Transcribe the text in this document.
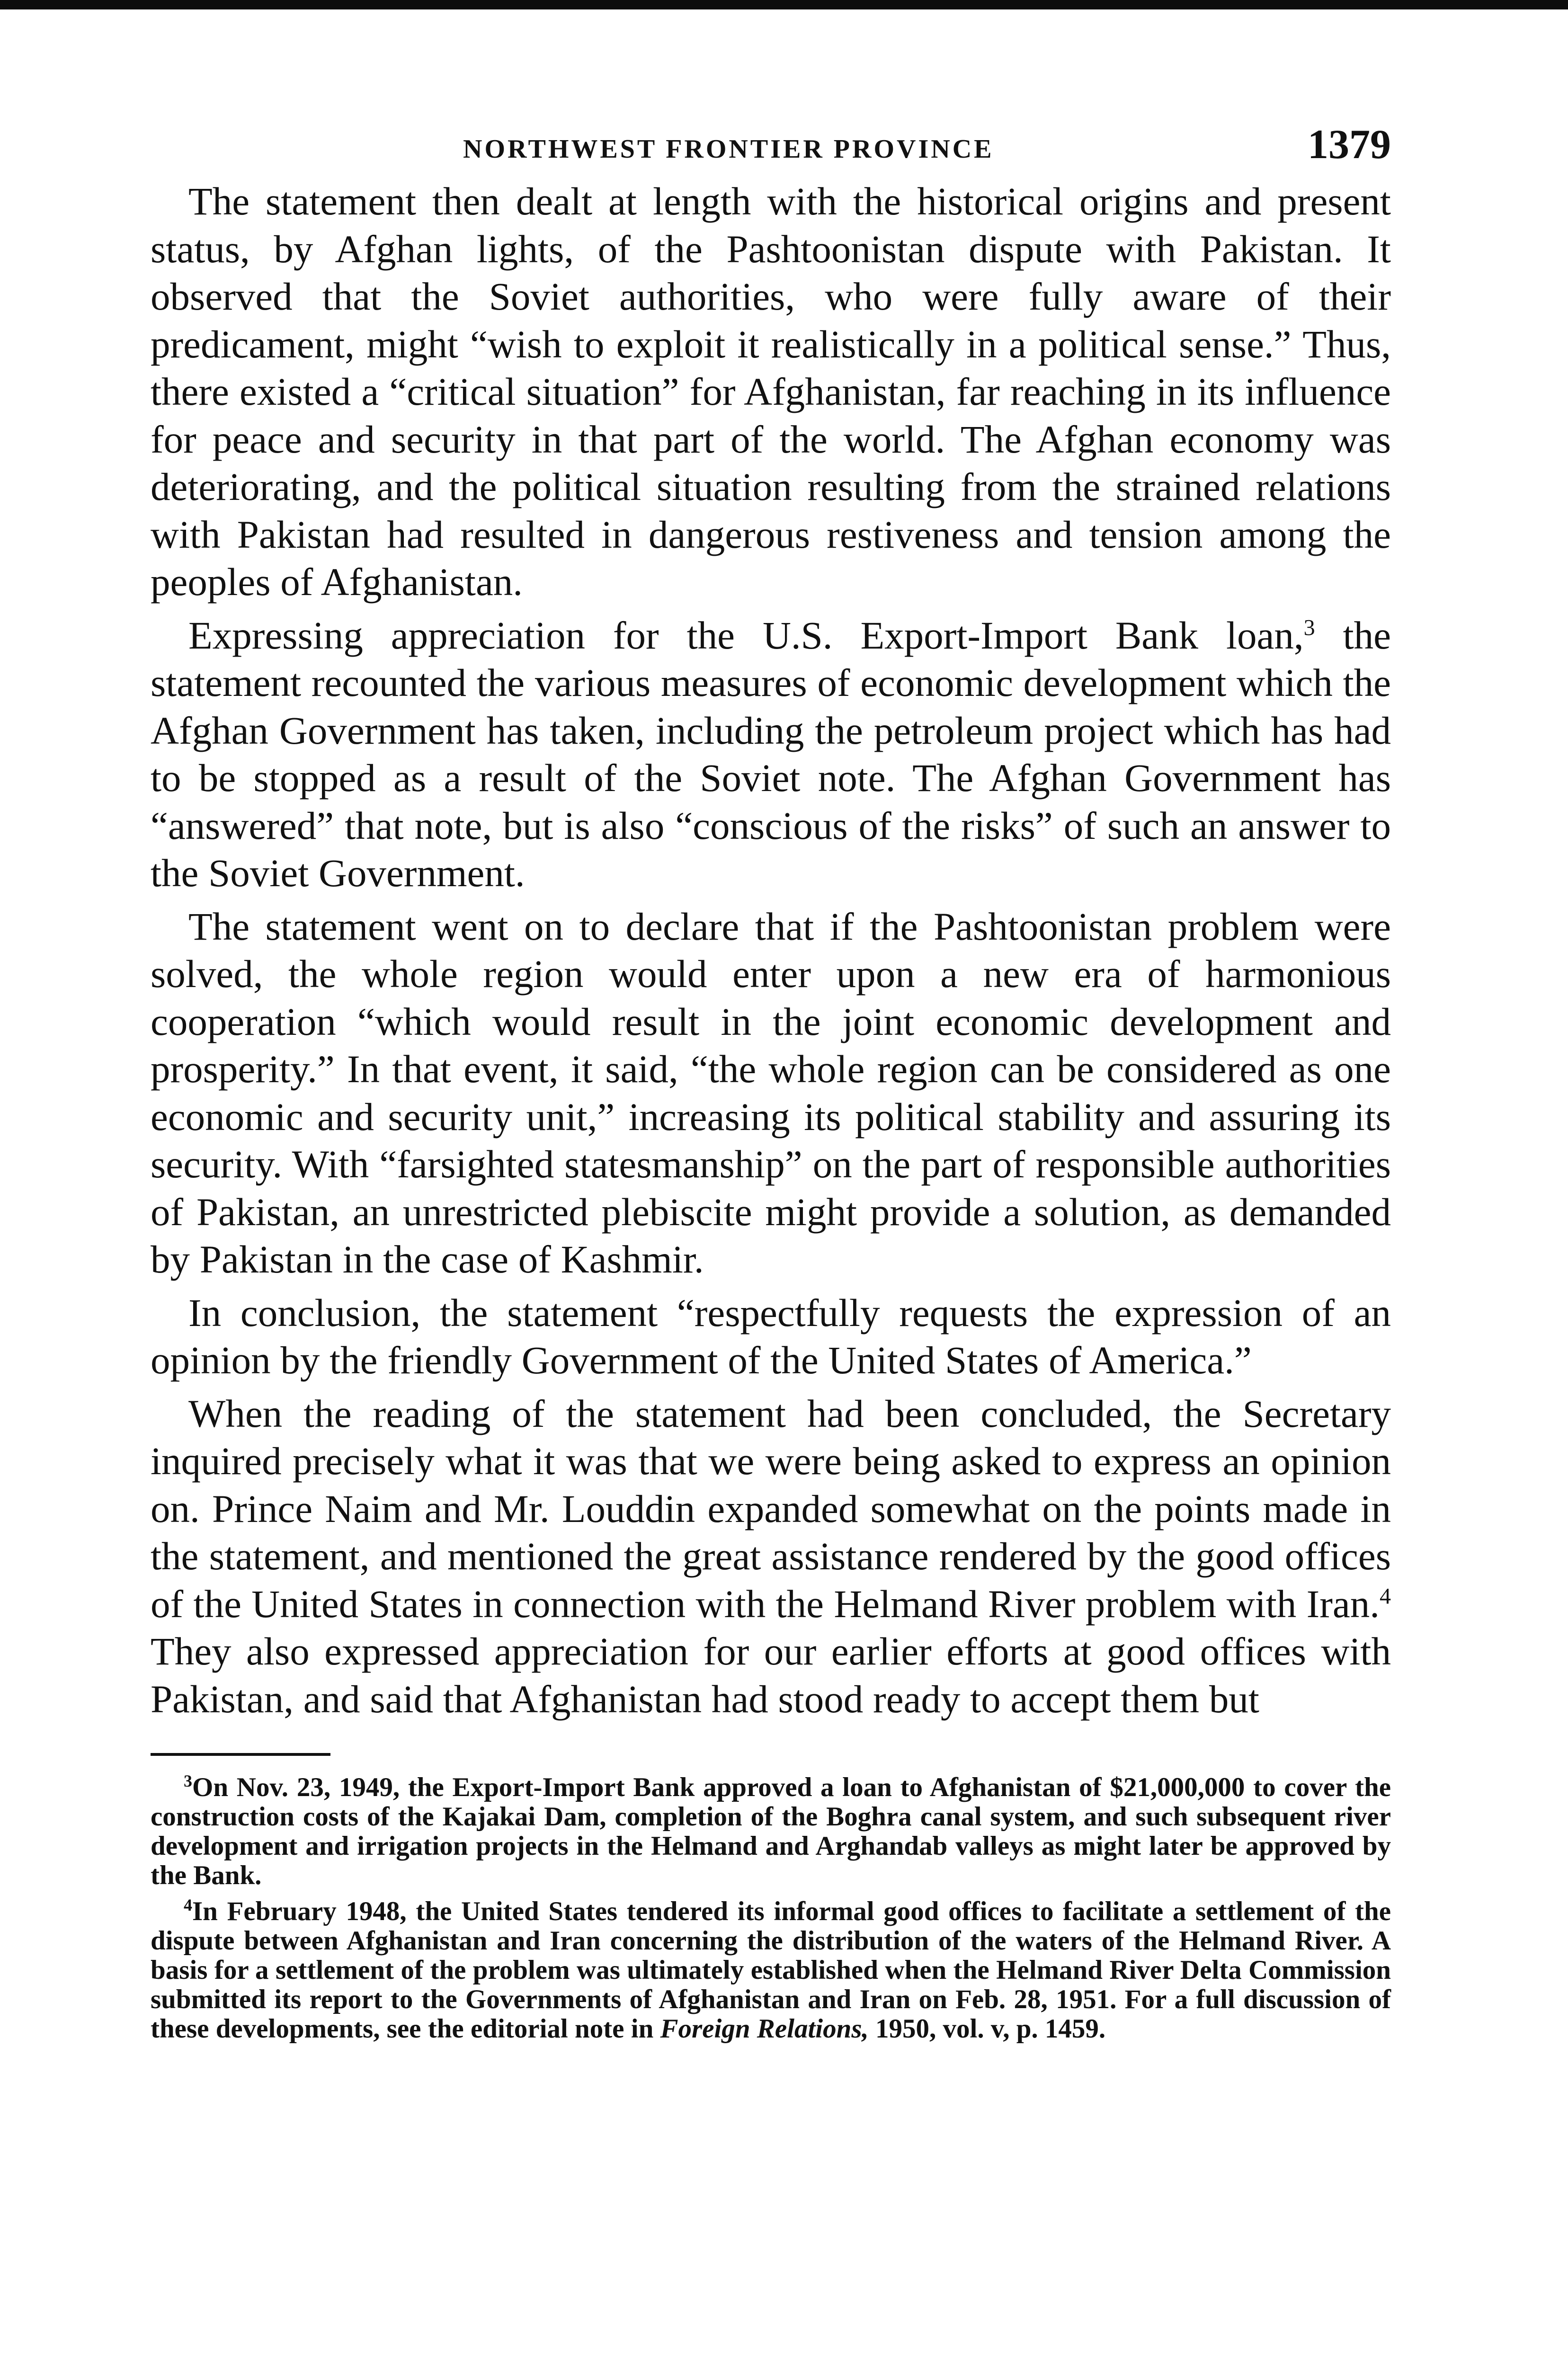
NORTHWEST FRONTIER PROVINCE	1379

The statement then dealt at length with the historical origins and present status, by Afghan lights, of the Pashtoonistan dispute with Pakistan. It observed that the Soviet authorities, who were fully aware of their predicament, might “wish to exploit it realistically in a political sense.” Thus, there existed a “critical situation” for Afghanistan, far reaching in its influence for peace and security in that part of the world. The Afghan economy was deteriorating, and the political situation resulting from the strained relations with Pakistan had resulted in dangerous restiveness and tension among the peoples of Afghanistan.

Expressing appreciation for the U.S. Export-Import Bank loan,$^3$ the statement recounted the various measures of economic development which the Afghan Government has taken, including the petroleum project which has had to be stopped as a result of the Soviet note. The Afghan Government has “answered” that note, but is also “conscious of the risks” of such an answer to the Soviet Government.

The statement went on to declare that if the Pashtoonistan problem were solved, the whole region would enter upon a new era of harmonious cooperation “which would result in the joint economic development and prosperity.” In that event, it said, “the whole region can be considered as one economic and security unit,” increasing its political stability and assuring its security. With “farsighted statesmanship” on the part of responsible authorities of Pakistan, an unrestricted plebiscite might provide a solution, as demanded by Pakistan in the case of Kashmir.

In conclusion, the statement “respectfully requests the expression of an opinion by the friendly Government of the United States of America.”

When the reading of the statement had been concluded, the Secretary inquired precisely what it was that we were being asked to express an opinion on. Prince Naim and Mr. Louddin expanded somewhat on the points made in the statement, and mentioned the great assistance rendered by the good offices of the United States in connection with the Helmand River problem with Iran.$^4$ They also expressed appreciation for our earlier efforts at good offices with Pakistan, and said that Afghanistan had stood ready to accept them but

$^3$On Nov. 23, 1949, the Export-Import Bank approved a loan to Afghanistan of $21,000,000 to cover the construction costs of the Kajakai Dam, completion of the Boghra canal system, and such subsequent river development and irrigation projects in the Helmand and Arghandab valleys as might later be approved by the Bank.

$^4$In February 1948, the United States tendered its informal good offices to facilitate a settlement of the dispute between Afghanistan and Iran concerning the distribution of the waters of the Helmand River. A basis for a settlement of the problem was ultimately established when the Helmand River Delta Commission submitted its report to the Governments of Afghanistan and Iran on Feb. 28, 1951. For a full discussion of these developments, see the editorial note in Foreign Relations, 1950, vol. v, p. 1459.
